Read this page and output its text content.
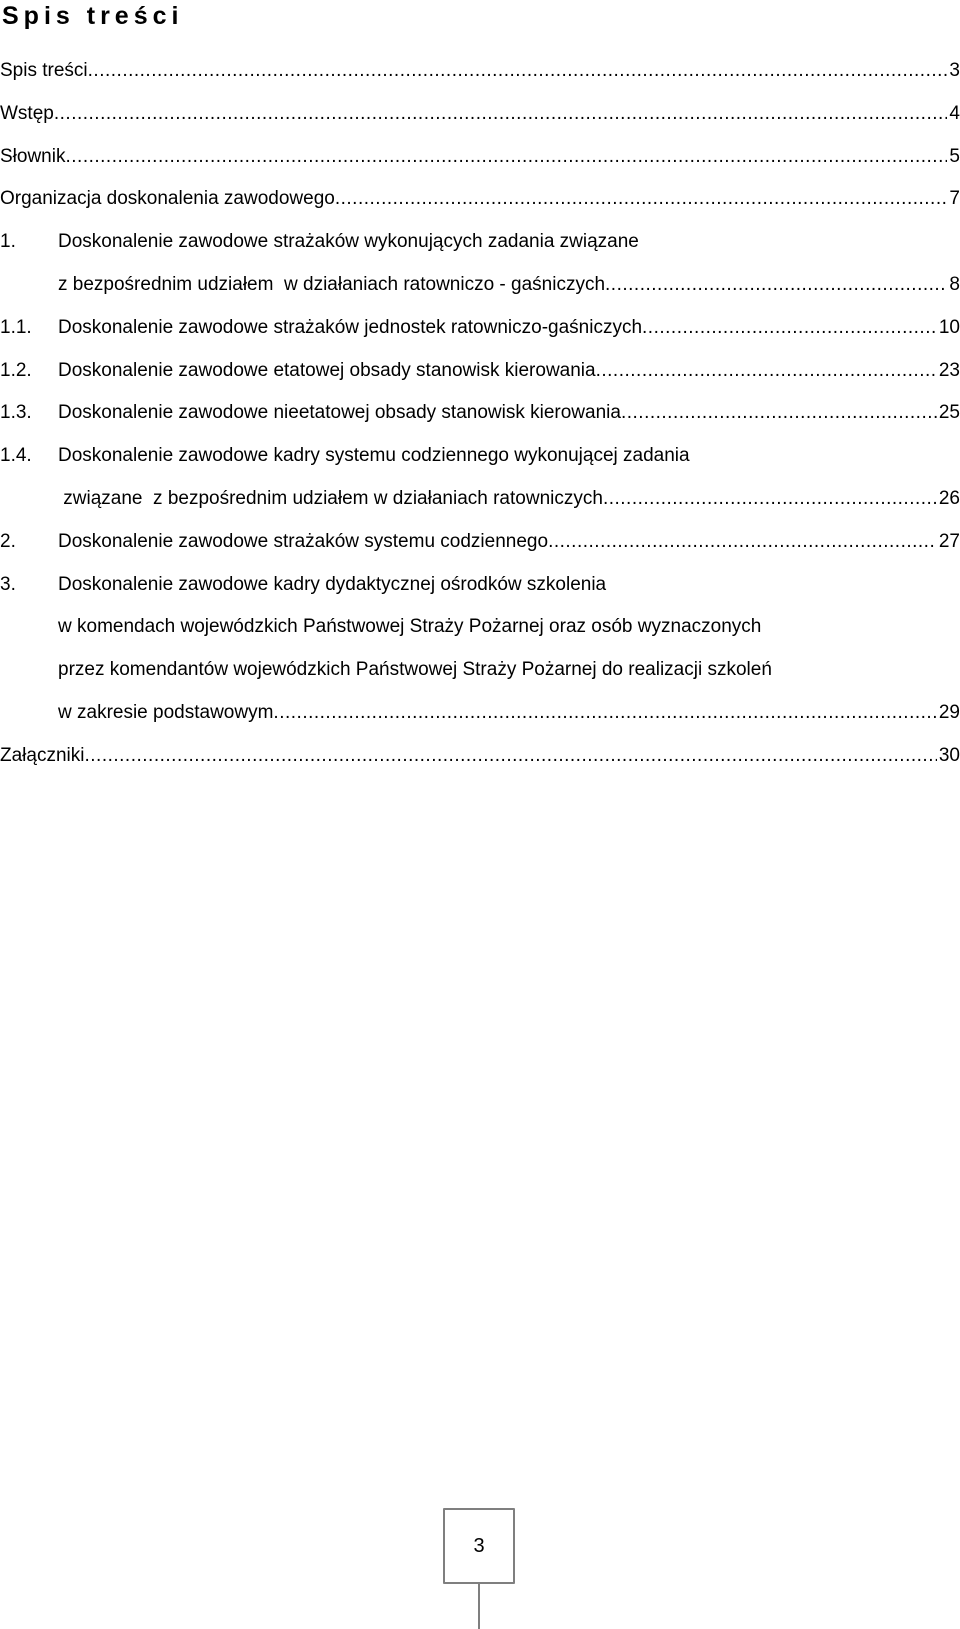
Spis treści
Spis treści .....	3
Wstęp .....	4
Słownik .....	5
Organizacja doskonalenia zawodowego .....	7
1. Doskonalenie zawodowe strażaków wykonujących zadania związane
z bezpośrednim udziałem  w działaniach ratowniczo - gaśniczych .....	8
1.1. Doskonalenie zawodowe strażaków jednostek ratowniczo-gaśniczych .....	10
1.2. Doskonalenie zawodowe etatowej obsady stanowisk kierowania .....	23
1.3. Doskonalenie zawodowe nieetatowej obsady stanowisk kierowania .....	25
1.4. Doskonalenie zawodowe kadry systemu codziennego wykonującej zadania
związane  z bezpośrednim udziałem w działaniach ratowniczych .....	26
2. Doskonalenie zawodowe strażaków systemu codziennego .....	27
3. Doskonalenie zawodowe kadry dydaktycznej ośrodków szkolenia
w komendach wojewódzkich Państwowej Straży Pożarnej oraz osób wyznaczonych
przez komendantów wojewódzkich Państwowej Straży Pożarnej do realizacji szkoleń
w zakresie podstawowym .....	29
Załączniki .....	30
3
